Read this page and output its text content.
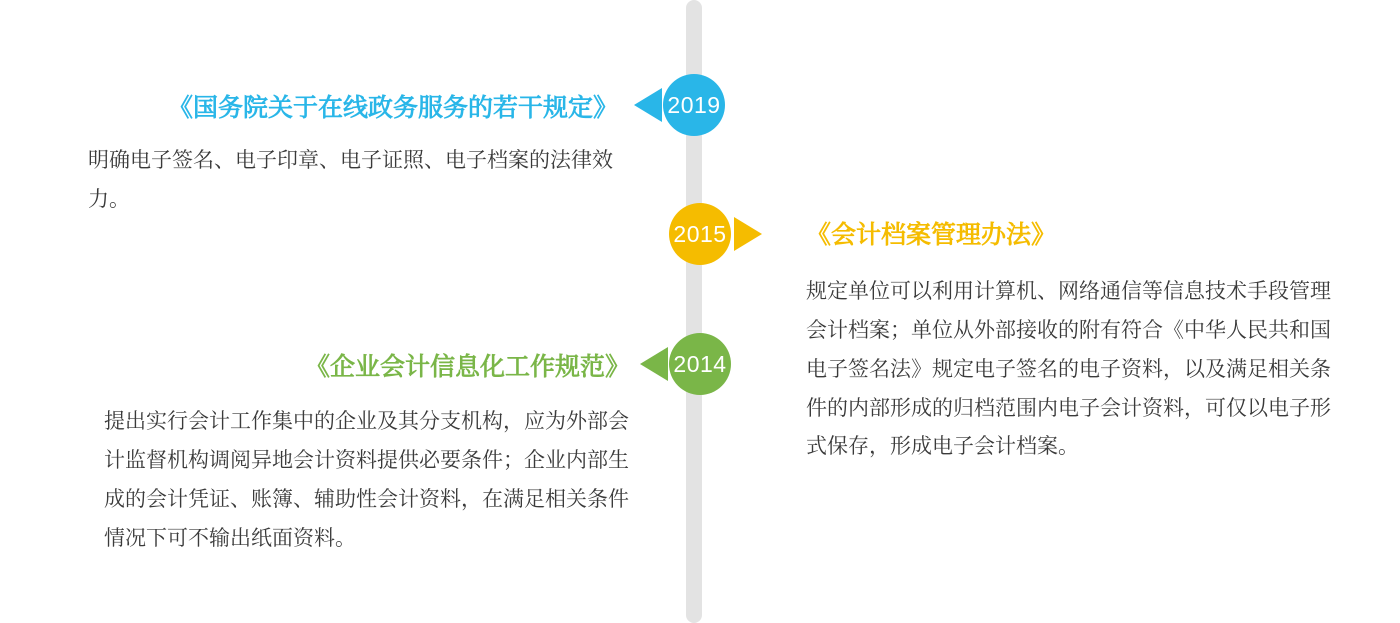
2019
《国务院关于在线政务服务的若干规定》
明确电子签名、电子印章、电子证照、电子档案的法律效力。
2015	《会计档案管理办法》
规定单位可以利用计算机、网络通信等信息技术手段管理会计档案；单位从外部接收的附有符合《中华人民共和国电子签名法》规定电子签名的电子资料，以及满足相关条件的内部形成的归档范围内电子会计资料，可仅以电子形式保存，形成电子会计档案。
2014
《企业会计信息化工作规范》
提出实行会计工作集中的企业及其分支机构，应为外部会计监督机构调阅异地会计资料提供必要条件；企业内部生成的会计凭证、账簿、辅助性会计资料，在满足相关条件情况下可不输出纸面资料。
